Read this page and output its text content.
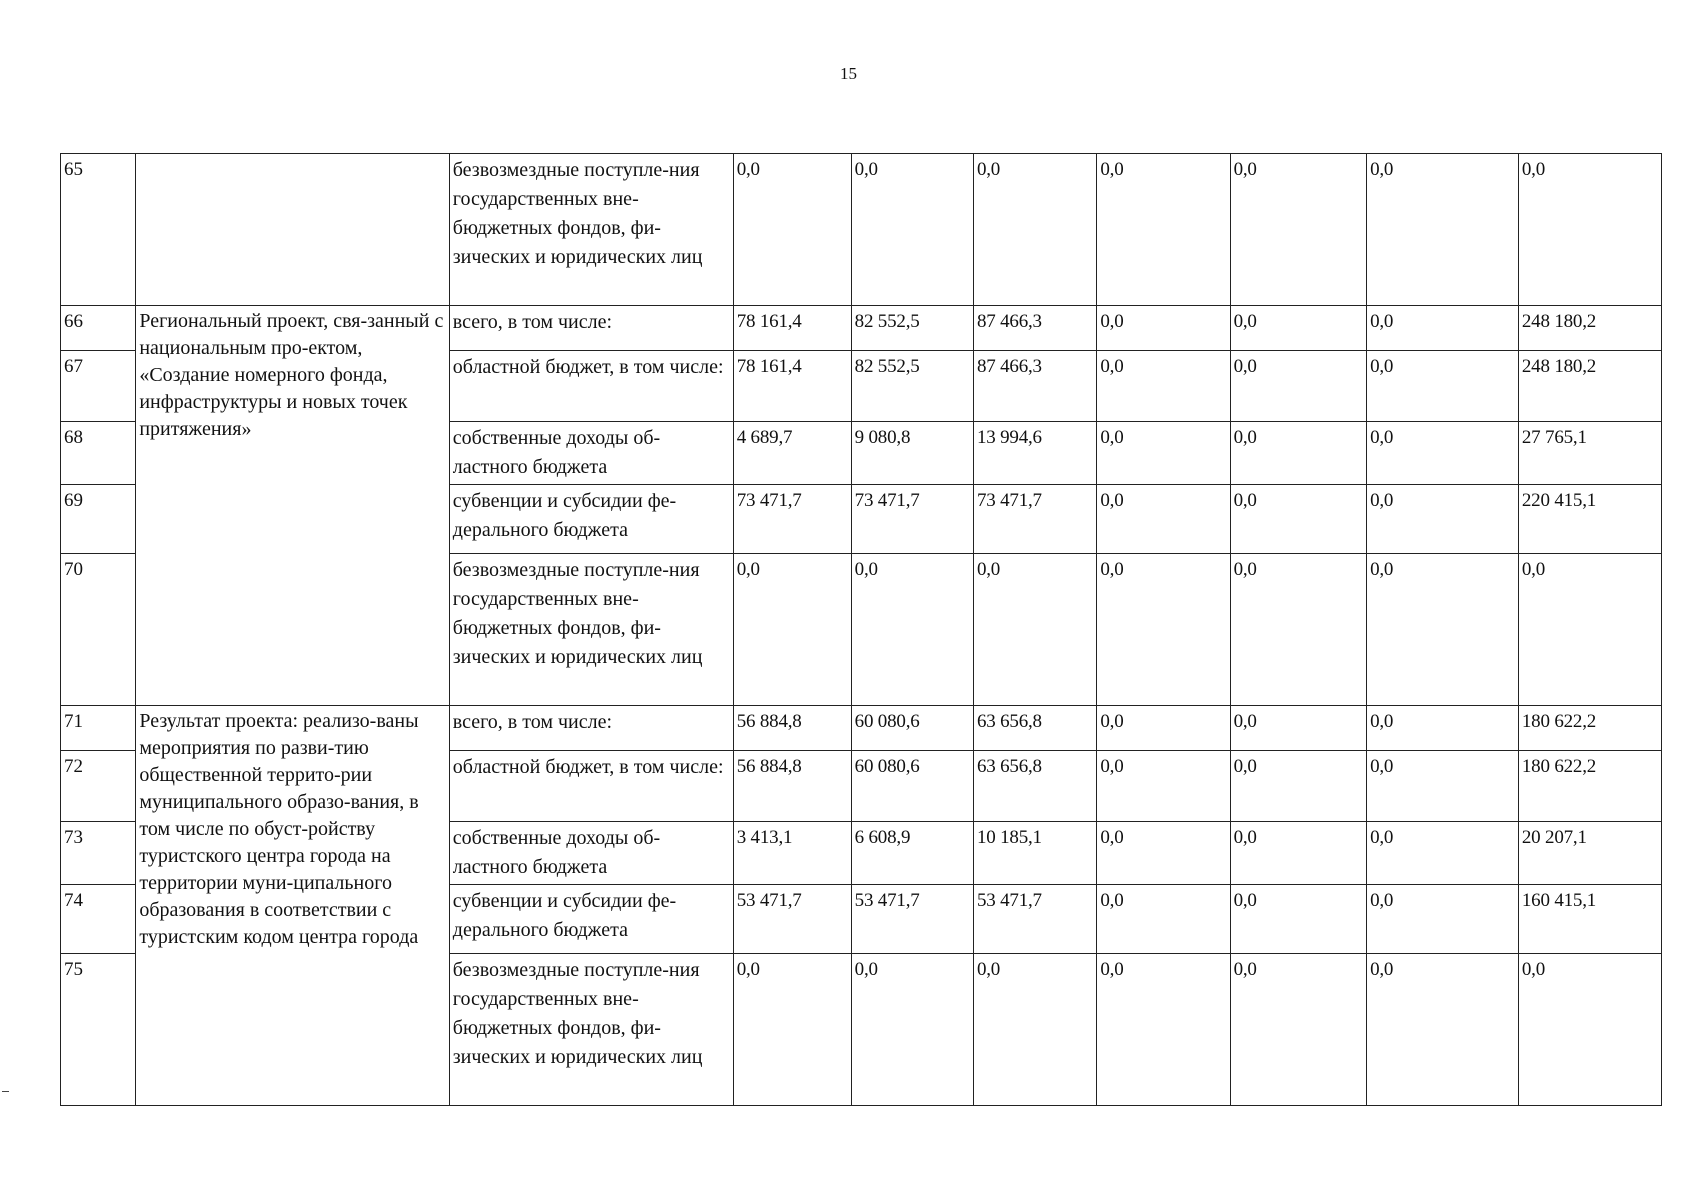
15
65		безвозмездные поступле-ния государственных вне-бюджетных фондов, фи-зических и юридических лиц	0,0	0,0	0,0	0,0	0,0	0,0	0,0
66	Региональный проект, свя-занный с национальным про-ектом, «Создание номерного фонда, инфраструктуры и новых точек притяжения»	всего, в том числе:	78 161,4	82 552,5	87 466,3	0,0	0,0	0,0	248 180,2
67		областной бюджет, в том числе:	78 161,4	82 552,5	87 466,3	0,0	0,0	0,0	248 180,2
68		собственные доходы об-ластного бюджета	4 689,7	9 080,8	13 994,6	0,0	0,0	0,0	27 765,1
69		субвенции и субсидии фе-дерального бюджета	73 471,7	73 471,7	73 471,7	0,0	0,0	0,0	220 415,1
70		безвозмездные поступле-ния государственных вне-бюджетных фондов, фи-зических и юридических лиц	0,0	0,0	0,0	0,0	0,0	0,0	0,0
71	Результат проекта: реализо-ваны мероприятия по разви-тию общественной террито-рии муниципального образо-вания, в том числе по обуст-ройству туристского центра города на территории муни-ципального образования в соответствии с туристским кодом центра города	всего, в том числе:	56 884,8	60 080,6	63 656,8	0,0	0,0	0,0	180 622,2
72		областной бюджет, в том числе:	56 884,8	60 080,6	63 656,8	0,0	0,0	0,0	180 622,2
73		собственные доходы об-ластного бюджета	3 413,1	6 608,9	10 185,1	0,0	0,0	0,0	20 207,1
74		субвенции и субсидии фе-дерального бюджета	53 471,7	53 471,7	53 471,7	0,0	0,0	0,0	160 415,1
75		безвозмездные поступле-ния государственных вне-бюджетных фондов, фи-зических и юридических лиц	0,0	0,0	0,0	0,0	0,0	0,0	0,0
